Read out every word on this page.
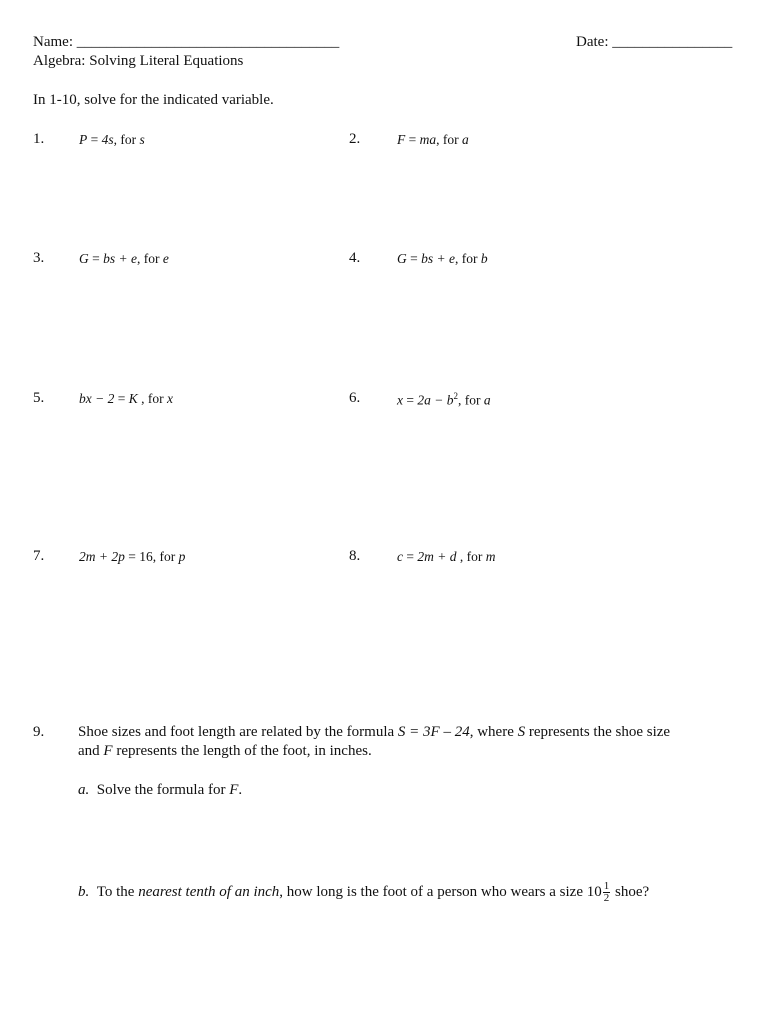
Name: ___________________________________	Date: ________________
Algebra: Solving Literal Equations
In 1-10, solve for the indicated variable.
1.	P = 4s, for s	2.	F = ma, for a
3.	G = bs + e, for e	4.	G = bs + e, for b
5.	bx − 2 = K , for x	6.	$x = 2a - b^2$, for a
7.	2m + 2p = 16, for p	8.	c = 2m + d , for m
9. Shoe sizes and foot length are related by the formula S = 3F – 24, where S represents the shoe size
and F represents the length of the foot, in inches.
a. Solve the formula for F.
b. To the nearest tenth of an inch, how long is the foot of a person who wears a size $10 \frac{1}{2}$ shoe?
